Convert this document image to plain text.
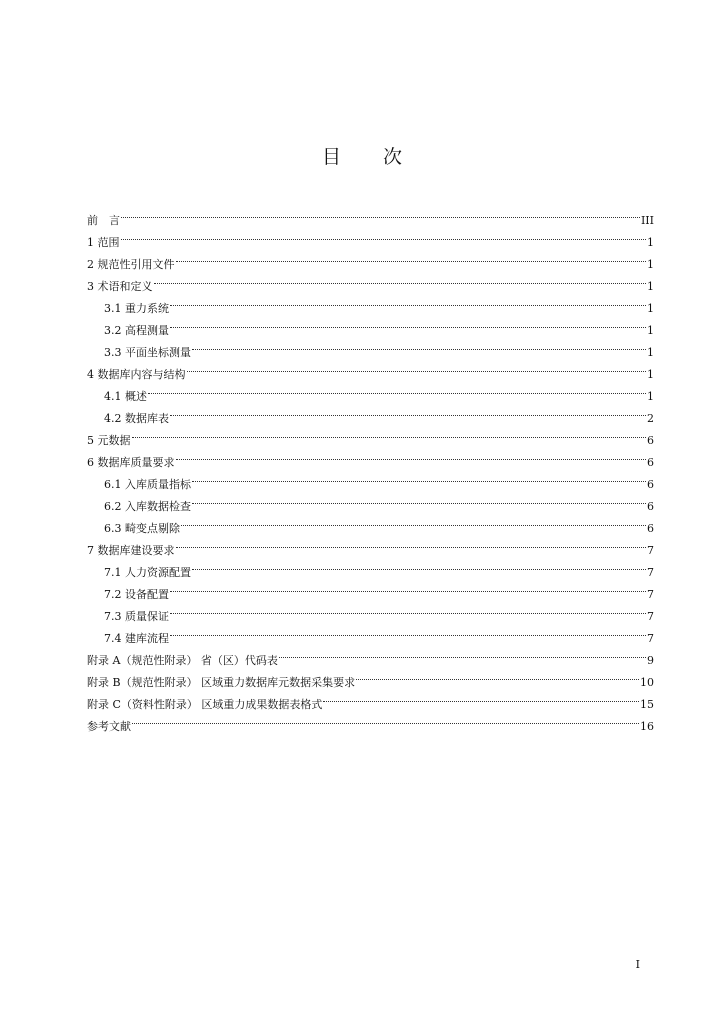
目 次
前　言	III
1 范围	1
2 规范性引用文件	1
3 术语和定义	1
3.1 重力系统	1
3.2 高程测量	1
3.3 平面坐标测量	1
4 数据库内容与结构	1
4.1 概述	1
4.2 数据库表	2
5 元数据	6
6 数据库质量要求	6
6.1 入库质量指标	6
6.2 入库数据检查	6
6.3 畸变点剔除	6
7 数据库建设要求	7
7.1 人力资源配置	7
7.2 设备配置	7
7.3 质量保证	7
7.4 建库流程	7
附录 A（规范性附录） 省（区）代码表	9
附录 B（规范性附录） 区域重力数据库元数据采集要求	10
附录 C（资料性附录） 区域重力成果数据表格式	15
参考文献	16
I
